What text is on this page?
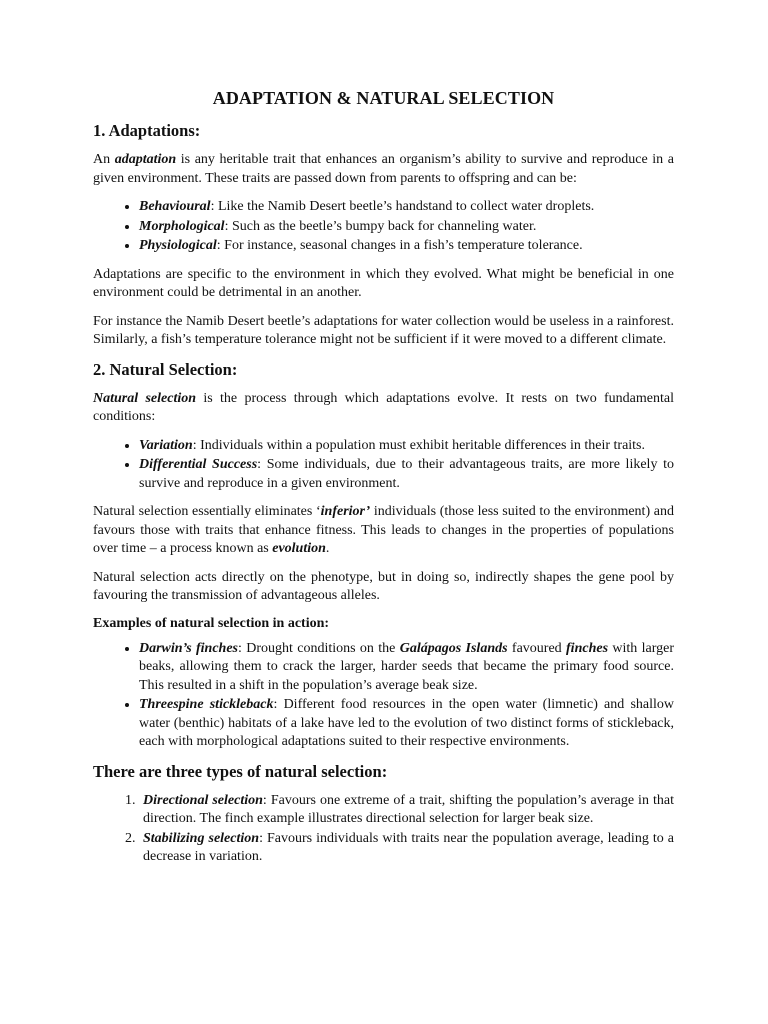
ADAPTATION & NATURAL SELECTION
1. Adaptations:

An adaptation is any heritable trait that enhances an organism’s ability to survive and reproduce in a given environment. These traits are passed down from parents to offspring and can be:

• Behavioural: Like the Namib Desert beetle’s handstand to collect water droplets.
• Morphological: Such as the beetle’s bumpy back for channeling water.
• Physiological: For instance, seasonal changes in a fish’s temperature tolerance.

Adaptations are specific to the environment in which they evolved. What might be beneficial in one environment could be detrimental in an another.

For instance the Namib Desert beetle’s adaptations for water collection would be useless in a rainforest. Similarly, a fish’s temperature tolerance might not be sufficient if it were moved to a different climate.

2. Natural Selection:

Natural selection is the process through which adaptations evolve. It rests on two fundamental conditions:

• Variation: Individuals within a population must exhibit heritable differences in their traits.
• Differential Success: Some individuals, due to their advantageous traits, are more likely to survive and reproduce in a given environment.

Natural selection essentially eliminates ‘inferior’ individuals (those less suited to the environment) and favours those with traits that enhance fitness. This leads to changes in the properties of populations over time – a process known as evolution.

Natural selection acts directly on the phenotype, but in doing so, indirectly shapes the gene pool by favouring the transmission of advantageous alleles.

Examples of natural selection in action:
• Darwin’s finches: Drought conditions on the Galápagos Islands favoured finches with larger beaks, allowing them to crack the larger, harder seeds that became the primary food source. This resulted in a shift in the population’s average beak size.
• Threespine stickleback: Different food resources in the open water (limnetic) and shallow water (benthic) habitats of a lake have led to the evolution of two distinct forms of stickleback, each with morphological adaptations suited to their respective environments.
There are three types of natural selection:
1. Directional selection: Favours one extreme of a trait, shifting the population’s average in that direction. The finch example illustrates directional selection for larger beak size.
2. Stabilizing selection: Favours individuals with traits near the population average, leading to a decrease in variation.
